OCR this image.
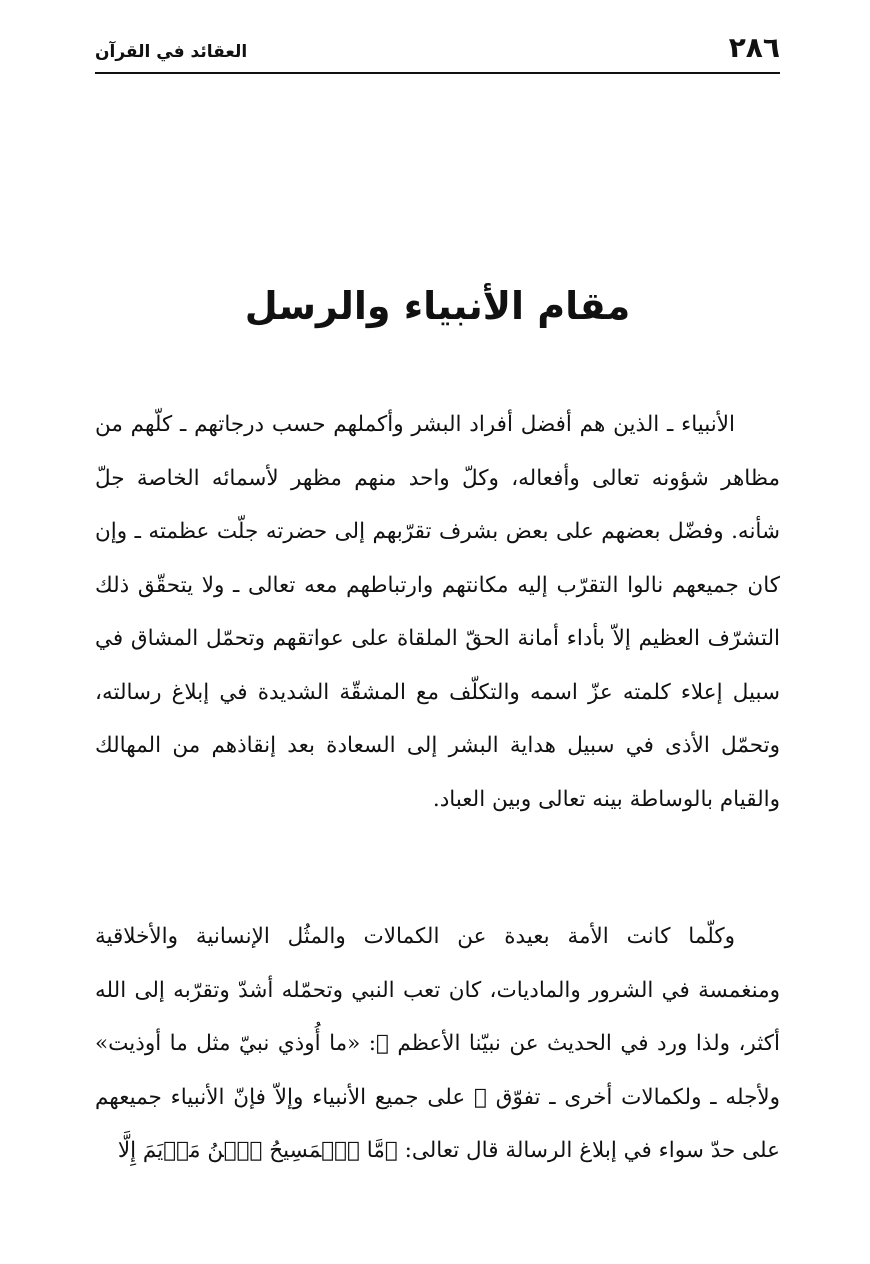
٢٨٦
العقائد في القرآن
مقام الأنبياء والرسل

الأنبياء ـ الذين هم أفضل أفراد البشر وأكملهم حسب درجاتهم ـ كلّهم من مظاهر شؤونه تعالى وأفعاله، وكلّ واحد منهم مظهر لأسمائه الخاصة جلّ شأنه. وفضّل بعضهم على بعض بشرف تقرّبهم إلى حضرته جلّت عظمته ـ وإن كان جميعهم نالوا التقرّب إليه مكانتهم وارتباطهم معه تعالى ـ ولا يتحقّق ذلك التشرّف العظيم إلاّ بأداء أمانة الحقّ الملقاة على عواتقهم وتحمّل المشاق في سبيل إعلاء كلمته عزّ اسمه والتكلّف مع المشقّة الشديدة في إبلاغ رسالته، وتحمّل الأذى في سبيل هداية البشر إلى السعادة بعد إنقاذهم من المهالك والقيام بالوساطة بينه تعالى وبين العباد.

وكلّما كانت الأمة بعيدة عن الكمالات والمثُل الإنسانية والأخلاقية ومنغمسة في الشرور والماديات، كان تعب النبي وتحمّله أشدّ وتقرّبه إلى الله أكثر، ولذا ورد في الحديث عن نبيّنا الأعظم ﷺ: «ما أُوذي نبيّ مثل ما أوذيت» ولأجله ـ ولكمالات أخرى ـ تفوّق ﷺ على جميع الأنبياء وإلاّ فإنّ الأنبياء جميعهم على حدّ سواء في إبلاغ الرسالة قال تعالى: ﴿مَّا ٱلۡمَسِيحُ ٱبۡنُ مَرۡيَمَ إِلَّا
